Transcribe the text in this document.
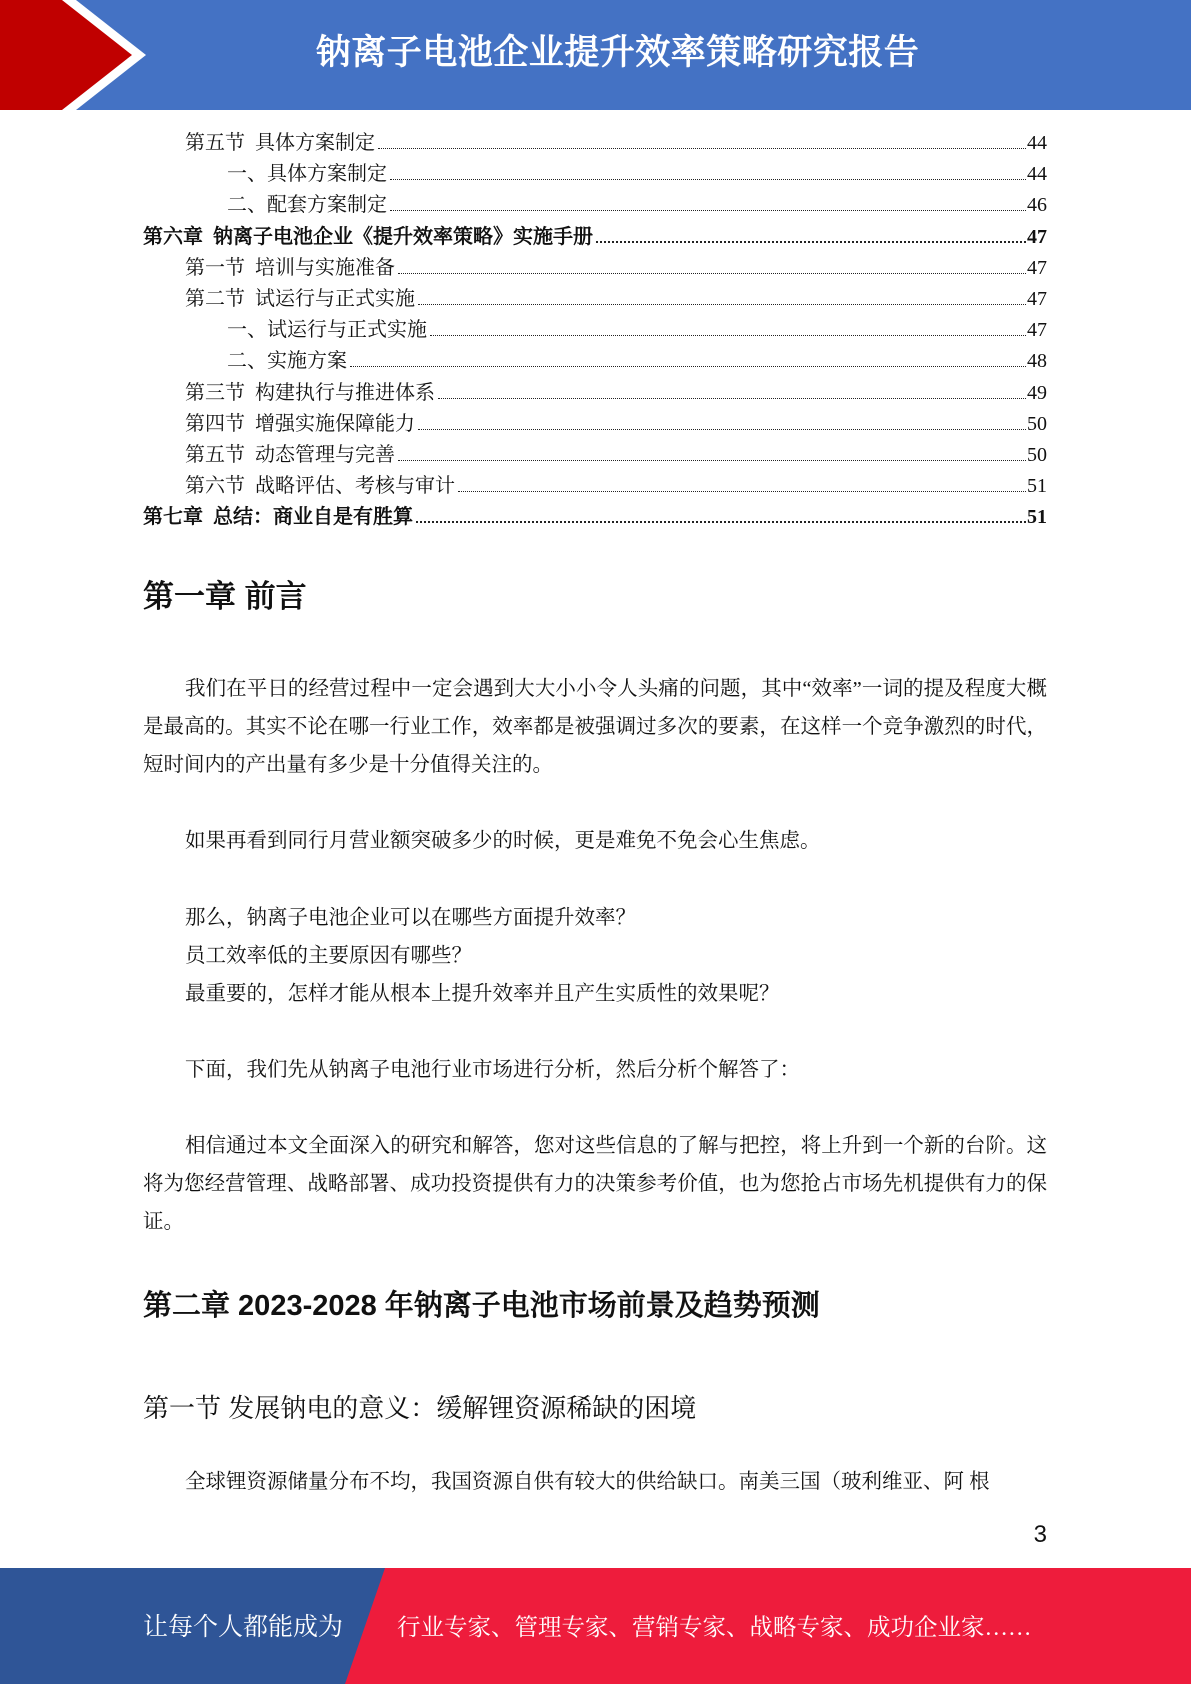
钠离子电池企业提升效率策略研究报告
第五节  具体方案制定	44
一、具体方案制定	44
二、配套方案制定	46
第六章  钠离子电池企业《提升效率策略》实施手册	47
第一节  培训与实施准备	47
第二节  试运行与正式实施	47
一、试运行与正式实施	47
二、实施方案	48
第三节  构建执行与推进体系	49
第四节  增强实施保障能力	50
第五节  动态管理与完善	50
第六节  战略评估、考核与审计	51
第七章  总结：商业自是有胜算	51
第一章 前言

我们在平日的经营过程中一定会遇到大大小小令人头痛的问题，其中“效率”一词的提及程度大概是最高的。其实不论在哪一行业工作，效率都是被强调过多次的要素，在这样一个竞争激烈的时代，短时间内的产出量有多少是十分值得关注的。

如果再看到同行月营业额突破多少的时候，更是难免不免会心生焦虑。

那么，钠离子电池企业可以在哪些方面提升效率？

员工效率低的主要原因有哪些？

最重要的，怎样才能从根本上提升效率并且产生实质性的效果呢？

下面，我们先从钠离子电池行业市场进行分析，然后分析个解答了：

相信通过本文全面深入的研究和解答，您对这些信息的了解与把控，将上升到一个新的台阶。这将为您经营管理、战略部署、成功投资提供有力的决策参考价值，也为您抢占市场先机提供有力的保证。

第二章 2023-2028 年钠离子电池市场前景及趋势预测
第一节 发展钠电的意义：缓解锂资源稀缺的困境

全球锂资源储量分布不均，我国资源自供有较大的供给缺口。南美三国（玻利维亚、阿 根

3
让每个人都能成为 行业专家、管理专家、营销专家、战略专家、成功企业家……
